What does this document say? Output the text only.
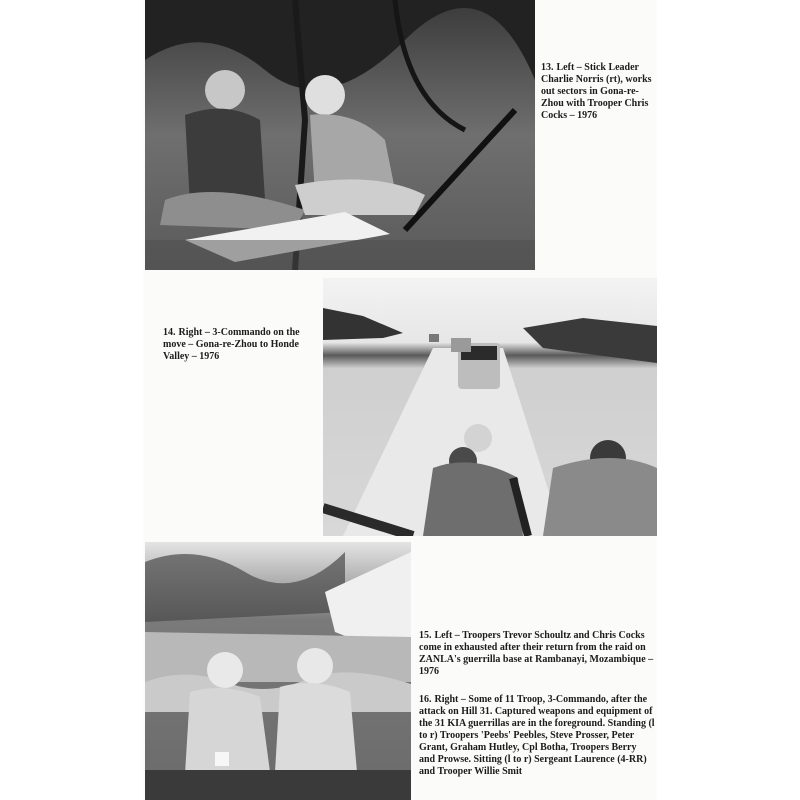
13. Left – Stick Leader Charlie Norris (rt), works out sectors in Gona-re-Zhou with Trooper Chris Cocks – 1976
14. Right – 3-Commando on the move – Gona-re-Zhou to Honde Valley – 1976
15. Left – Troopers Trevor Schoultz and Chris Cocks come in exhausted after their return from the raid on ZANLA's guerrilla base at Rambanayi, Mozambique – 1976
16. Right – Some of 11 Troop, 3-Commando, after the attack on Hill 31. Captured weapons and equipment of the 31 KIA guerrillas are in the foreground. Standing (l to r) Troopers 'Peebs' Peebles, Steve Prosser, Peter Grant, Graham Hutley, Cpl Botha, Troopers Berry and Prowse. Sitting (l to r) Sergeant Laurence (4-RR) and Trooper Willie Smit
